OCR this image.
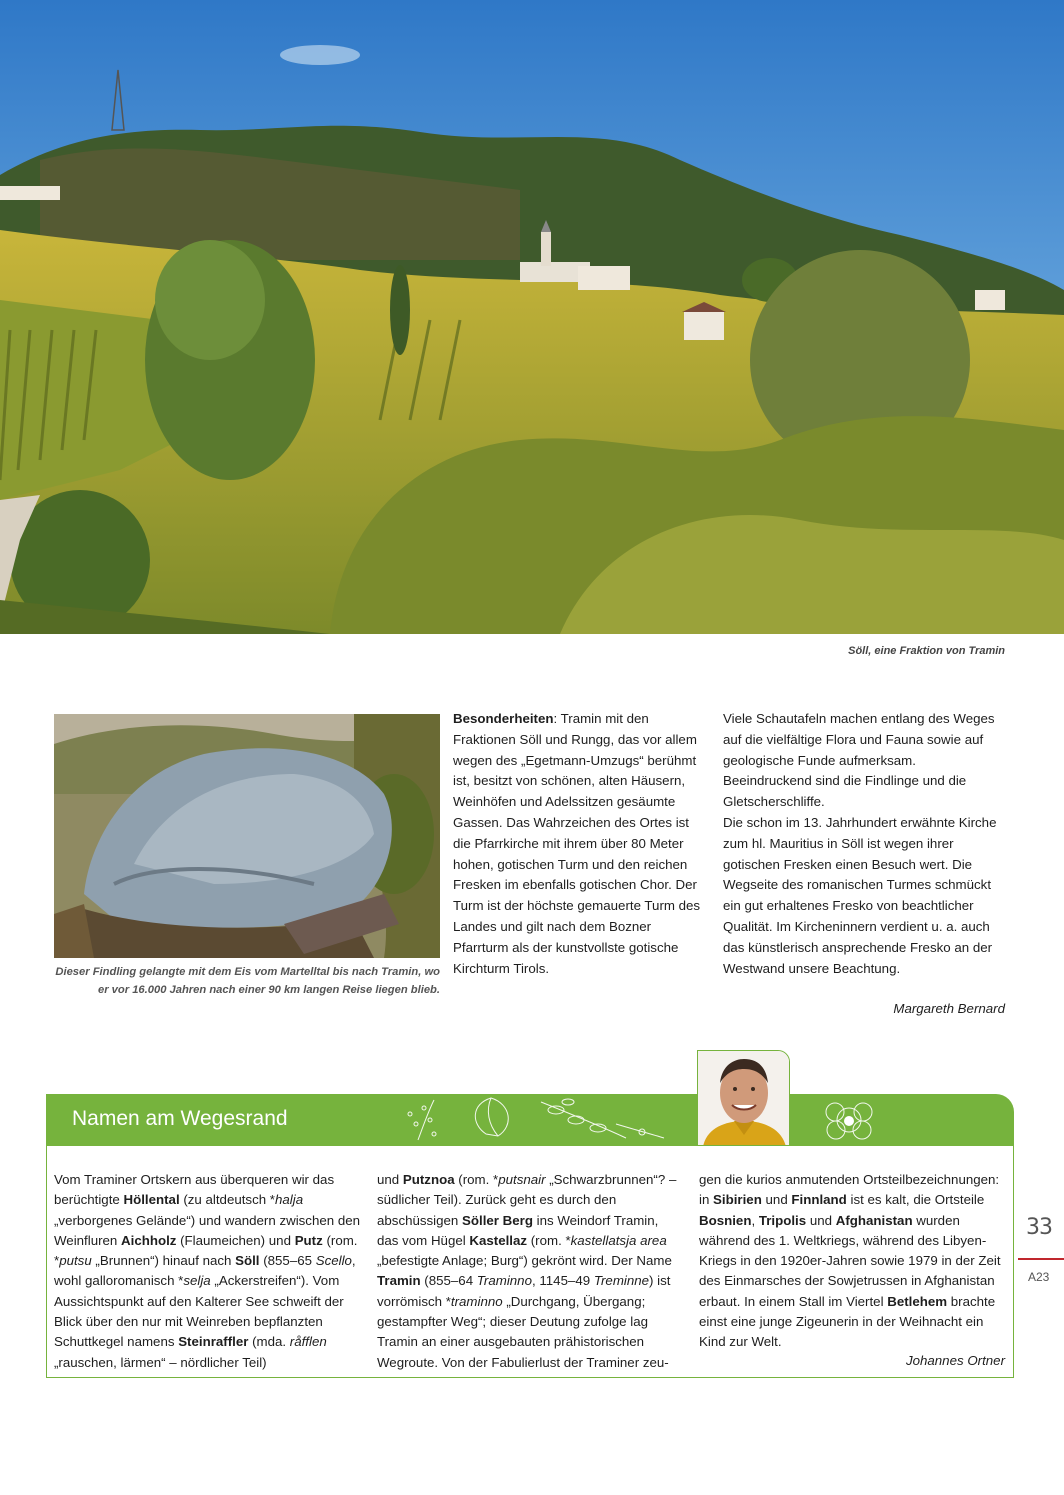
Söll, eine Fraktion von Tramin
Dieser Findling gelangte mit dem Eis vom Martelltal bis nach Tramin, wo er vor 16.000 Jahren nach einer 90 km langen Reise liegen blieb.
Besonderheiten: Tramin mit den Fraktionen Söll und Rungg, das vor allem wegen des „Egetmann-Umzugs“ berühmt ist, besitzt von schönen, alten Häusern, Weinhöfen und Adelssitzen gesäumte Gassen. Das Wahrzeichen des Ortes ist die Pfarrkirche mit ihrem über 80 Meter hohen, gotischen Turm und den reichen Fresken im ebenfalls gotischen Chor. Der Turm ist der höchste gemauerte Turm des Landes und gilt nach dem Bozner Pfarrturm als der kunstvollste gotische Kirchturm Tirols.
Viele Schautafeln machen entlang des Weges auf die vielfältige Flora und Fauna sowie auf geologische Funde aufmerksam. Beeindruckend sind die Findlinge und die Gletscherschliffe.
Die schon im 13. Jahrhundert erwähnte Kirche zum hl. Mauritius in Söll ist wegen ihrer gotischen Fresken einen Besuch wert. Die Wegseite des romanischen Turmes schmückt ein gut erhaltenes Fresko von beachtlicher Qualität. Im Kircheninnern verdient u. a. auch das künstlerisch ansprechende Fresko an der Westwand unsere Beachtung.
Margareth Bernard
Namen am Wegesrand
Vom Traminer Ortskern aus überqueren wir das berüchtigte Höllental (zu altdeutsch *halja „verborgenes Gelände“) und wandern zwischen den Weinfluren Aichholz (Flaumeichen) und Putz (rom. *putsu „Brunnen“) hinauf nach Söll (855–65 Scello, wohl galloromanisch *selja „Ackerstreifen“). Vom Aussichtspunkt auf den Kalterer See schweift der Blick über den nur mit Weinreben bepflanzten Schuttkegel namens Steinraffler (mda. råfflen „rauschen, lärmen“ – nördlicher Teil)
und Putznoa (rom. *putsnair „Schwarzbrunnen“? – südlicher Teil). Zurück geht es durch den abschüssigen Söller Berg ins Weindorf Tramin, das vom Hügel Kastellaz (rom. *kastellatsja area „befestigte Anlage; Burg“) gekrönt wird. Der Name Tramin (855–64 Traminno, 1145–49 Treminne) ist vorrömisch *traminno „Durchgang, Übergang; gestampfter Weg“; dieser Deutung zufolge lag Tramin an einer ausgebauten prähistorischen Wegroute. Von der Fabulierlust der Traminer zeu-
gen die kurios anmutenden Ortsteilbezeichnungen: in Sibirien und Finnland ist es kalt, die Ortsteile Bosnien, Tripolis und Afghanistan wurden während des 1. Weltkriegs, während des Libyen-Kriegs in den 1920er-Jahren sowie 1979 in der Zeit des Einmarsches der Sowjetrussen in Afghanistan erbaut. In einem Stall im Viertel Betlehem brachte einst eine junge Zigeunerin in der Weihnacht ein Kind zur Welt.
Johannes Ortner
33
A23
